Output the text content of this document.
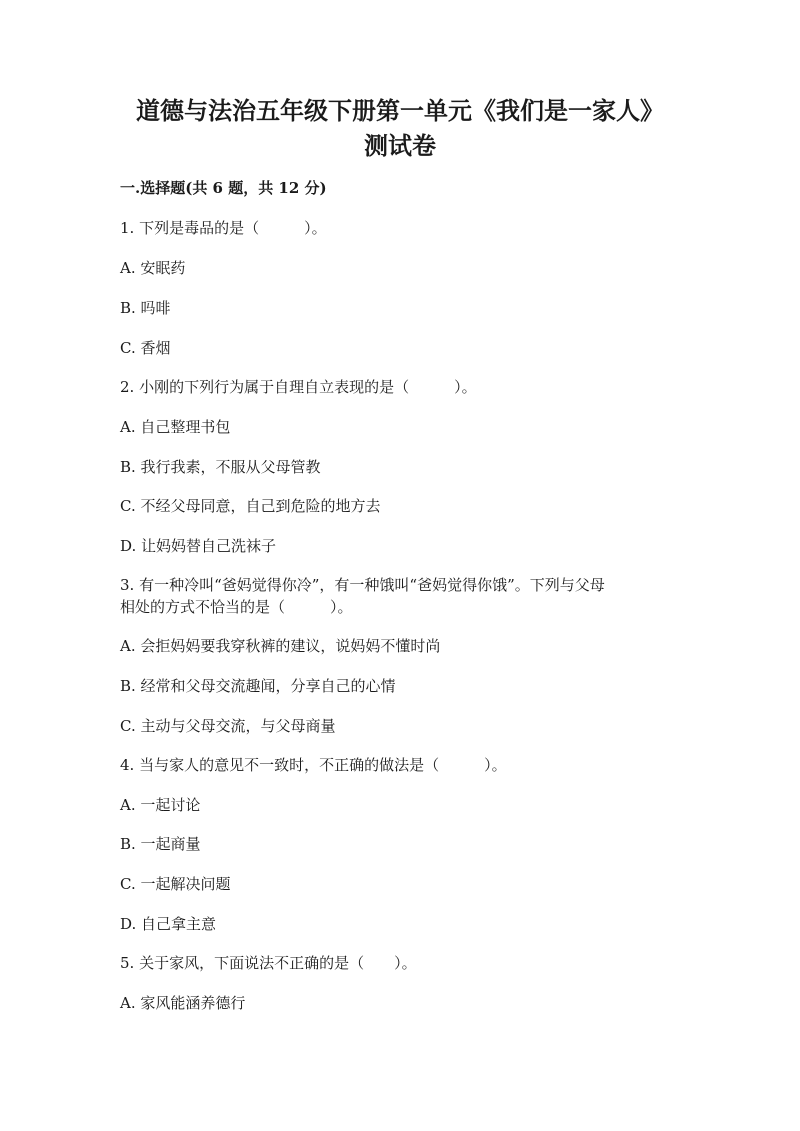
道德与法治五年级下册第一单元《我们是一家人》
测试卷

一.选择题(共 6 题，共 12 分)

1. 下列是毒品的是（　　　）。

A. 安眠药

B. 吗啡

C. 香烟

2. 小刚的下列行为属于自理自立表现的是（　　　）。

A. 自己整理书包

B. 我行我素，不服从父母管教

C. 不经父母同意，自己到危险的地方去

D. 让妈妈替自己洗袜子

3. 有一种冷叫“爸妈觉得你冷”，有一种饿叫“爸妈觉得你饿”。下列与父母

相处的方式不恰当的是（　　　）。

A. 会拒妈妈要我穿秋裤的建议，说妈妈不懂时尚

B. 经常和父母交流趣闻，分享自己的心情

C. 主动与父母交流，与父母商量

4. 当与家人的意见不一致时，不正确的做法是（　　　）。

A. 一起讨论

B. 一起商量

C. 一起解决问题

D. 自己拿主意

5. 关于家风，下面说法不正确的是（　　）。

A. 家风能涵养德行
